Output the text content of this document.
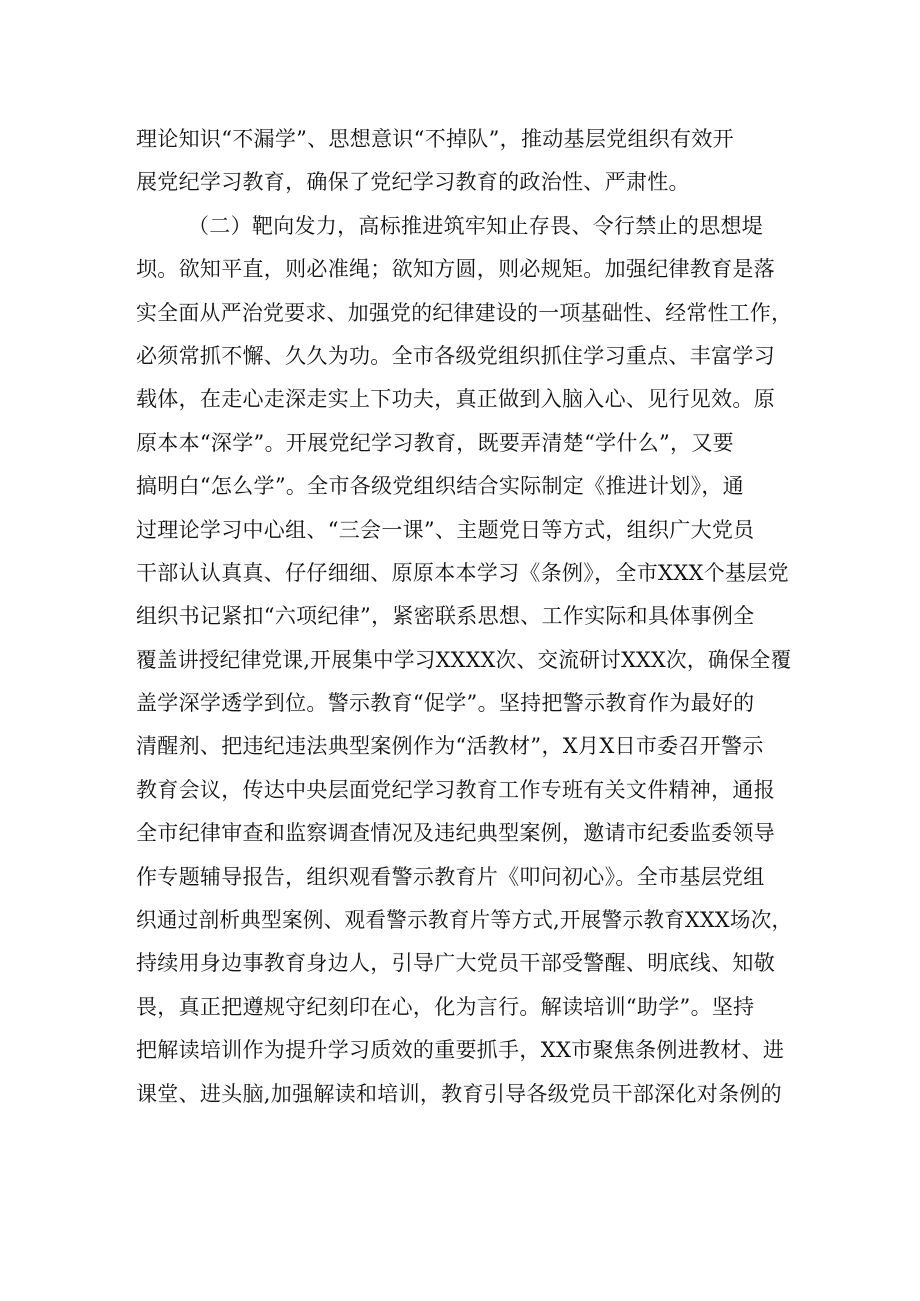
理论知识“不漏学”、思想意识“不掉队”，推动基层党组织有效开
展党纪学习教育，确保了党纪学习教育的政治性、严肃性。
（二）靶向发力，高标推进筑牢知止存畏、令行禁止的思想堤
坝。欲知平直，则必准绳；欲知方圆，则必规矩。加强纪律教育是落
实全面从严治党要求、加强党的纪律建设的一项基础性、经常性工作，
必须常抓不懈、久久为功。全市各级党组织抓住学习重点、丰富学习
载体，在走心走深走实上下功夫，真正做到入脑入心、见行见效。原
原本本“深学”。开展党纪学习教育，既要弄清楚“学什么”，又要
搞明白“怎么学”。全市各级党组织结合实际制定《推进计划》，通
过理论学习中心组、“三会一课”、主题党日等方式，组织广大党员
干部认认真真、仔仔细细、原原本本学习《条例》，全市XXX个基层党
组织书记紧扣“六项纪律”，紧密联系思想、工作实际和具体事例全
覆盖讲授纪律党课,开展集中学习XXXX次、交流研讨XXX次，确保全覆
盖学深学透学到位。警示教育“促学”。坚持把警示教育作为最好的
清醒剂、把违纪违法典型案例作为“活教材”，X月X日市委召开警示
教育会议，传达中央层面党纪学习教育工作专班有关文件精神，通报
全市纪律审查和监察调查情况及违纪典型案例，邀请市纪委监委领导
作专题辅导报告，组织观看警示教育片《叩问初心》。全市基层党组
织通过剖析典型案例、观看警示教育片等方式,开展警示教育XXX场次，
持续用身边事教育身边人，引导广大党员干部受警醒、明底线、知敬
畏，真正把遵规守纪刻印在心，化为言行。解读培训“助学”。坚持
把解读培训作为提升学习质效的重要抓手，XX市聚焦条例进教材、进
课堂、进头脑,加强解读和培训，教育引导各级党员干部深化对条例的
